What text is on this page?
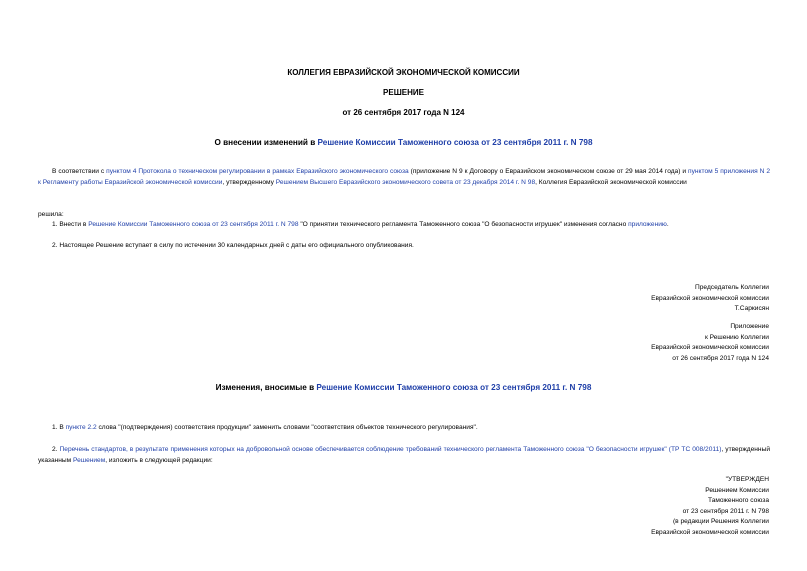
КОЛЛЕГИЯ ЕВРАЗИЙСКОЙ ЭКОНОМИЧЕСКОЙ КОМИССИИ
РЕШЕНИЕ
от 26 сентября 2017 года N 124
О внесении изменений в Решение Комиссии Таможенного союза от 23 сентября 2011 г. N 798
В соответствии с пунктом 4 Протокола о техническом регулировании в рамках Евразийского экономического союза (приложение N 9 к Договору о Евразийском экономическом союзе от 29 мая 2014 года) и пунктом 5 приложения N 2 к Регламенту работы Евразийской экономической комиссии, утвержденному Решением Высшего Евразийского экономического совета от 23 декабря 2014 г. N 98, Коллегия Евразийской экономической комиссии
решила:
1. Внести в Решение Комиссии Таможенного союза от 23 сентября 2011 г. N 798 "О принятии технического регламента Таможенного союза "О безопасности игрушек" изменения согласно приложению.
2. Настоящее Решение вступает в силу по истечении 30 календарных дней с даты его официального опубликования.
Председатель Коллегии
Евразийской экономической комиссии
Т.Саркисян
Приложение
к Решению Коллегии
Евразийской экономической комиссии
от 26 сентября 2017 года N 124
Изменения, вносимые в Решение Комиссии Таможенного союза от 23 сентября 2011 г. N 798
1. В пункте 2.2 слова "(подтверждения) соответствия продукции" заменить словами "соответствия объектов технического регулирования".
2. Перечень стандартов, в результате применения которых на добровольной основе обеспечивается соблюдение требований технического регламента Таможенного союза "О безопасности игрушек" (ТР ТС 008/2011), утвержденный указанным Решением, изложить в следующей редакции:
"УТВЕРЖДЕН
Решением Комиссии
Таможенного союза
от 23 сентября 2011 г. N 798
(в редакции Решения Коллегии
Евразийской экономической комиссии
